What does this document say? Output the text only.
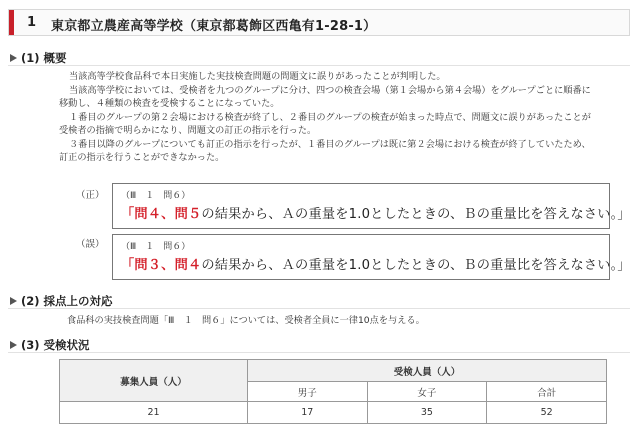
1 東京都立農産高等学校（東京都葛飾区西亀有1-28-1）
(1) 概要
当該高等学校食品科で本日実施した実技検査問題の問題文に誤りがあったことが判明した。
当該高等学校においては、受検者を九つのグループに分け、四つの検査会場（第１会場から第４会場）をグループごとに順番に
移動し、４種類の検査を受検することになっていた。
１番目のグループの第２会場における検査が終了し、２番目のグループの検査が始まった時点で、問題文に誤りがあったことが
受検者の指摘で明らかになり、問題文の訂正の指示を行った。
３番目以降のグループについても訂正の指示を行ったが、１番目のグループは既に第２会場における検査が終了していたため、
訂正の指示を行うことができなかった。
（正） （Ⅲ　１　問６）
「問４、問５の結果から、Ａの重量を1.0としたときの、Ｂの重量比を答えなさい。」
（誤） （Ⅲ　１　問６）
「問３、問４の結果から、Ａの重量を1.0としたときの、Ｂの重量比を答えなさい。」
(2) 採点上の対応
食品科の実技検査問題「Ⅲ　１　問６」については、受検者全員に一律10点を与える。
(3) 受検状況
募集人員（人）	受検人員（人）		
	男子	女子	合計
21	17	35	52
